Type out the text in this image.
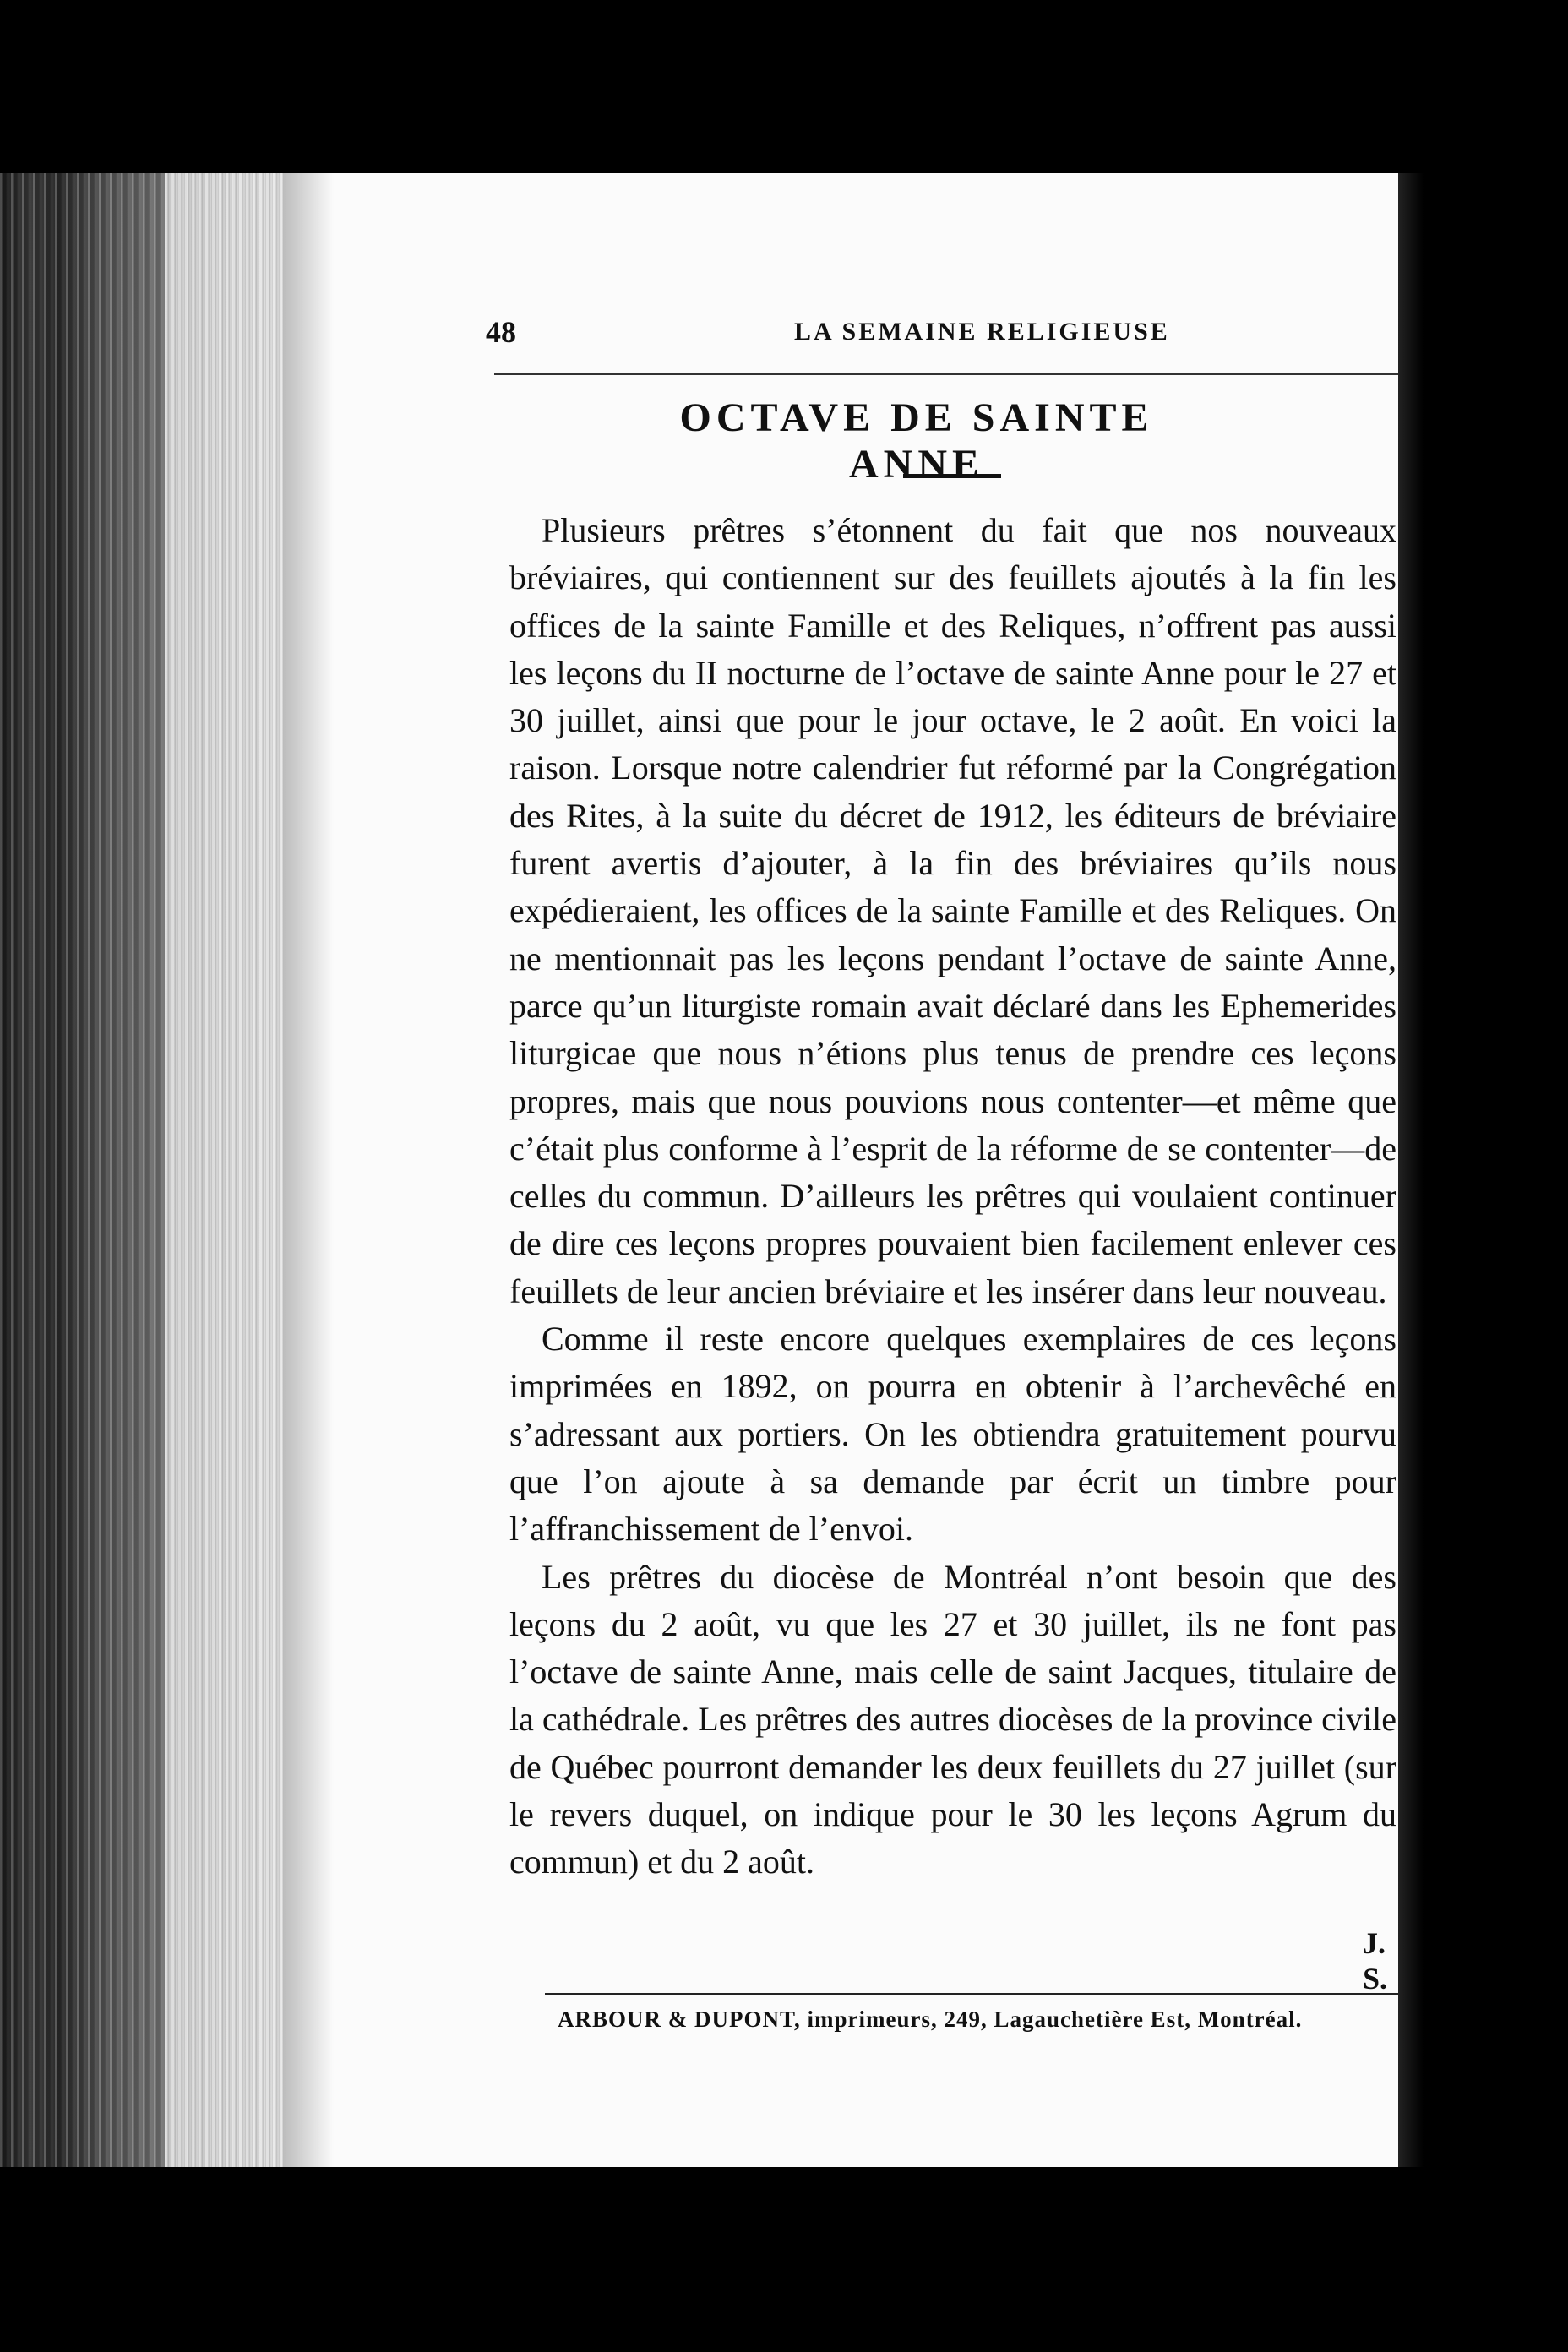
48	LA SEMAINE RELIGIEUSE
OCTAVE DE SAINTE ANNE

Plusieurs prêtres s’étonnent du fait que nos nouveaux bréviaires, qui contiennent sur des feuillets ajoutés à la fin les offices de la sainte Famille et des Reliques, n’offrent pas aussi les leçons du II nocturne de l’octave de sainte Anne pour le 27 et 30 juillet, ainsi que pour le jour octave, le 2 août. En voici la raison. Lorsque notre calendrier fut réformé par la Congrégation des Rites, à la suite du décret de 1912, les éditeurs de bréviaire furent avertis d’ajouter, à la fin des bréviaires qu’ils nous expédieraient, les offices de la sainte Famille et des Reliques. On ne mentionnait pas les leçons pendant l’octave de sainte Anne, parce qu’un liturgiste romain avait déclaré dans les Ephemerides liturgicae que nous n’étions plus tenus de prendre ces leçons propres, mais que nous pouvions nous contenter—et même que c’était plus conforme à l’esprit de la réforme de se contenter—de celles du commun. D’ailleurs les prêtres qui voulaient continuer de dire ces leçons propres pouvaient bien facilement enlever ces feuillets de leur ancien bréviaire et les insérer dans leur nouveau.

Comme il reste encore quelques exemplaires de ces leçons imprimées en 1892, on pourra en obtenir à l’archevêché en s’adressant aux portiers. On les obtiendra gratuitement pourvu que l’on ajoute à sa demande par écrit un timbre pour l’affranchissement de l’envoi.

Les prêtres du diocèse de Montréal n’ont besoin que des leçons du 2 août, vu que les 27 et 30 juillet, ils ne font pas l’octave de sainte Anne, mais celle de saint Jacques, titulaire de la cathédrale. Les prêtres des autres diocèses de la province civile de Québec pourront demander les deux feuillets du 27 juillet (sur le revers duquel, on indique pour le 30 les leçons Agrum du commun) et du 2 août.

J. S.
ARBOUR & DUPONT, imprimeurs, 249, Lagauchetière Est, Montréal.
